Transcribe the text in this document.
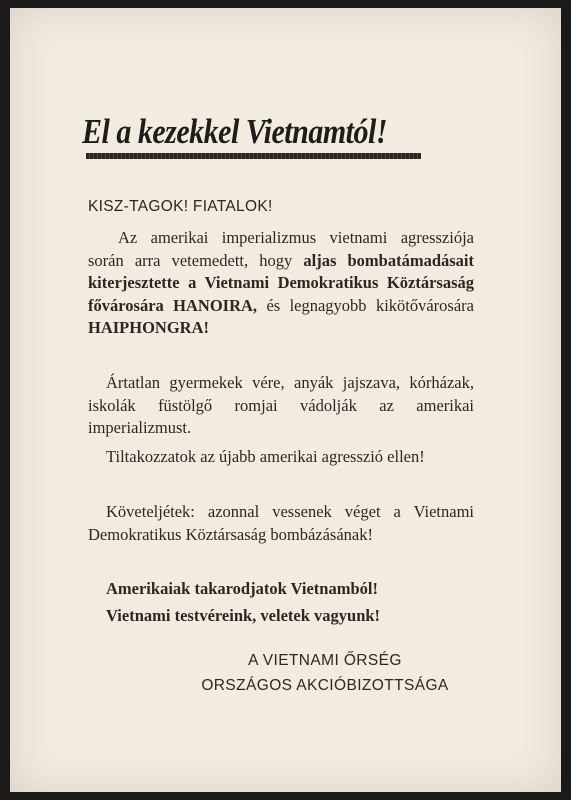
El a kezekkel Vietnamtól!
KISZ-TAGOK! FIATALOK!
Az amerikai imperializmus vietnami agressziója során arra vetemedett, hogy aljas bombatámadásait kiterjesztette a Vietnami Demokratikus Köztársaság fővárosára HANOIRA, és legnagyobb kikötővárosára HAIPHONGRA!
Ártatlan gyermekek vére, anyák jajszava, kórházak, iskolák füstölgő romjai vádolják az amerikai imperializmust.
Tiltakozzatok az újabb amerikai agresszió ellen!
Követeljétek: azonnal vessenek véget a Vietnami Demokratikus Köztársaság bombázásának!
Amerikaiak takarodjatok Vietnamból!
Vietnami testvéreink, veletek vagyunk!
A VIETNAMI ŐRSÉG
ORSZÁGOS AKCIÓBIZOTTSÁGA
